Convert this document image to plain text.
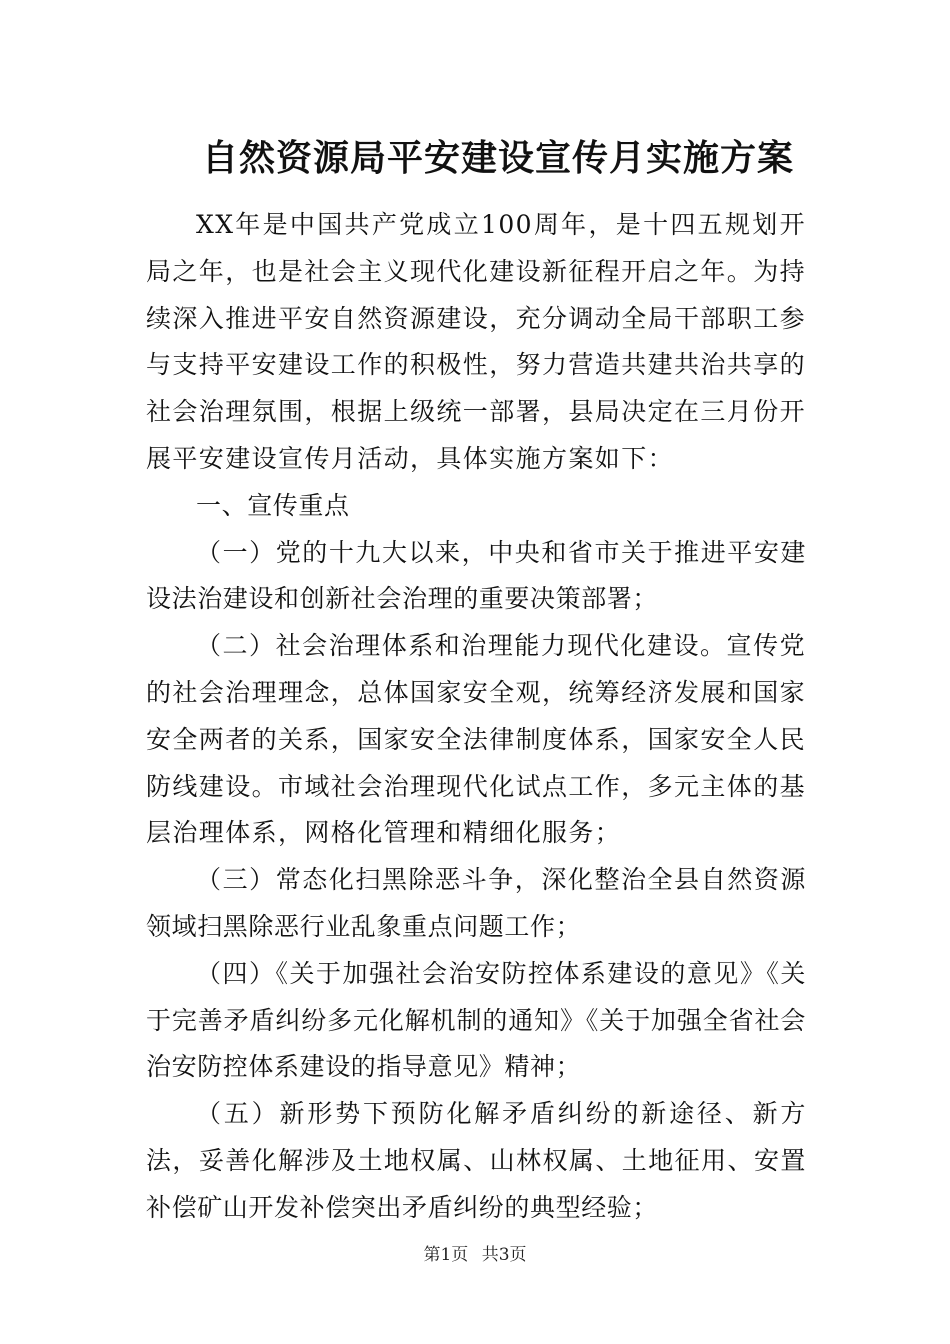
自然资源局平安建设宣传月实施方案

XX年是中国共产党成立100周年，是十四五规划开局之年，也是社会主义现代化建设新征程开启之年。为持续深入推进平安自然资源建设，充分调动全局干部职工参与支持平安建设工作的积极性，努力营造共建共治共享的社会治理氛围，根据上级统一部署，县局决定在三月份开展平安建设宣传月活动，具体实施方案如下：

一、宣传重点

（一）党的十九大以来，中央和省市关于推进平安建设法治建设和创新社会治理的重要决策部署；

（二）社会治理体系和治理能力现代化建设。宣传党的社会治理理念，总体国家安全观，统筹经济发展和国家安全两者的关系，国家安全法律制度体系，国家安全人民防线建设。市域社会治理现代化试点工作，多元主体的基层治理体系，网格化管理和精细化服务；

（三）常态化扫黑除恶斗争，深化整治全县自然资源领域扫黑除恶行业乱象重点问题工作；

（四）《关于加强社会治安防控体系建设的意见》《关于完善矛盾纠纷多元化解机制的通知》《关于加强全省社会治安防控体系建设的指导意见》精神；

（五）新形势下预防化解矛盾纠纷的新途径、新方法，妥善化解涉及土地权属、山林权属、土地征用、安置补偿矿山开发补偿突出矛盾纠纷的典型经验；

第1页 共3页
